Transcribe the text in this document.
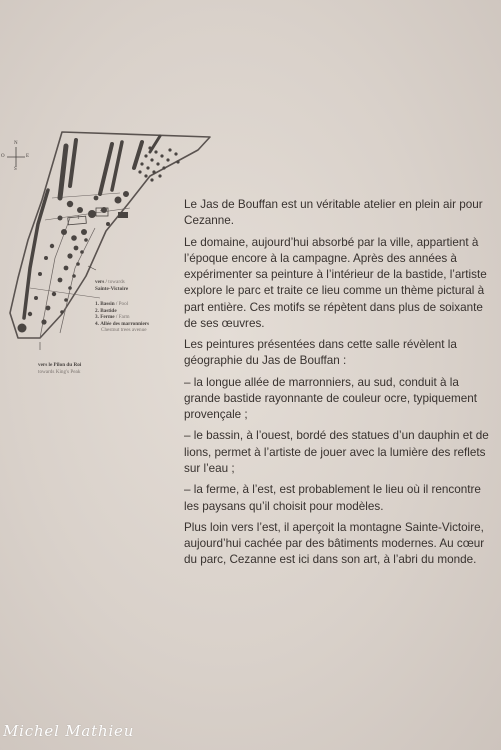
N
S
E
O
1
2
vers / towards
Sainte-Victoire
1. Bassin / Pool
2. Bastide
3. Ferme / Farm
4. Allée des marronniers
Chestnut trees avenue
vers le Pilon du Roi
towards King's Peak

Le Jas de Bouffan est un véritable atelier en plein air pour Cezanne.

Le domaine, aujourd’hui absorbé par la ville, appartient à l’époque encore à la campagne. Après des années à expérimenter sa peinture à l’intérieur de la bastide, l’artiste explore le parc et traite ce lieu comme un thème pictural à part entière. Ces motifs se répètent dans plus de soixante de ses œuvres.

Les peintures présentées dans cette salle révèlent la géographie du Jas de Bouffan :

– la longue allée de marronniers, au sud, conduit à la grande bastide rayonnante de couleur ocre, typiquement provençale ;

– le bassin, à l’ouest, bordé des statues d’un dauphin et de lions, permet à l’artiste de jouer avec la lumière des reflets sur l’eau ;

– la ferme, à l’est, est probablement le lieu où il rencontre les paysans qu’il choisit pour modèles.

Plus loin vers l’est, il aperçoit la montagne Sainte-Victoire, aujourd’hui cachée par des bâtiments modernes. Au cœur du parc, Cezanne est ici dans son art, à l’abri du monde.

Michel Mathieu
